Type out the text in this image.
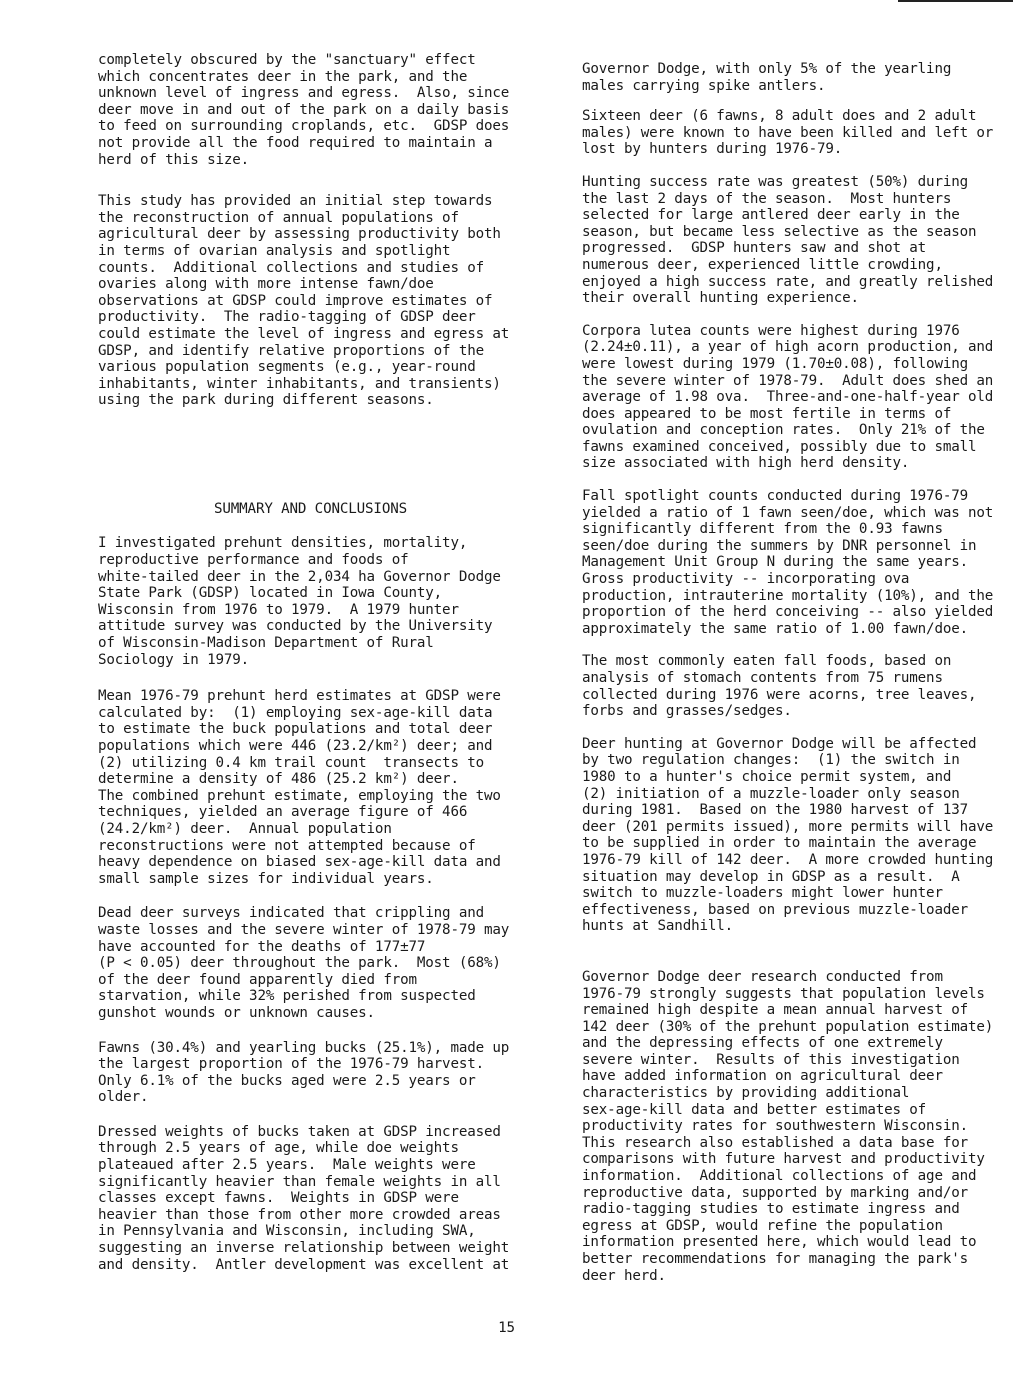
completely obscured by the "sanctuary" effect
which concentrates deer in the park, and the
unknown level of ingress and egress.  Also, since
deer move in and out of the park on a daily basis
to feed on surrounding croplands, etc.  GDSP does
not provide all the food required to maintain a
herd of this size.

This study has provided an initial step towards
the reconstruction of annual populations of
agricultural deer by assessing productivity both
in terms of ovarian analysis and spotlight
counts.  Additional collections and studies of
ovaries along with more intense fawn/doe
observations at GDSP could improve estimates of
productivity.  The radio-tagging of GDSP deer
could estimate the level of ingress and egress at
GDSP, and identify relative proportions of the
various population segments (e.g., year-round
inhabitants, winter inhabitants, and transients)
using the park during different seasons.

SUMMARY AND CONCLUSIONS

I investigated prehunt densities, mortality,
reproductive performance and foods of
white-tailed deer in the 2,034 ha Governor Dodge
State Park (GDSP) located in Iowa County,
Wisconsin from 1976 to 1979.  A 1979 hunter
attitude survey was conducted by the University
of Wisconsin-Madison Department of Rural
Sociology in 1979.

Mean 1976-79 prehunt herd estimates at GDSP were
calculated by:  (1) employing sex-age-kill data
to estimate the buck populations and total deer
populations which were 446 (23.2/km²) deer; and
(2) utilizing 0.4 km trail count  transects to
determine a density of 486 (25.2 km²) deer.
The combined prehunt estimate, employing the two
techniques, yielded an average figure of 466
(24.2/km²) deer.  Annual population
reconstructions were not attempted because of
heavy dependence on biased sex-age-kill data and
small sample sizes for individual years.

Dead deer surveys indicated that crippling and
waste losses and the severe winter of 1978-79 may
have accounted for the deaths of 177±77
(P < 0.05) deer throughout the park.  Most (68%)
of the deer found apparently died from
starvation, while 32% perished from suspected
gunshot wounds or unknown causes.

Fawns (30.4%) and yearling bucks (25.1%), made up
the largest proportion of the 1976-79 harvest.
Only 6.1% of the bucks aged were 2.5 years or
older.

Dressed weights of bucks taken at GDSP increased
through 2.5 years of age, while doe weights
plateaued after 2.5 years.  Male weights were
significantly heavier than female weights in all
classes except fawns.  Weights in GDSP were
heavier than those from other more crowded areas
in Pennsylvania and Wisconsin, including SWA,
suggesting an inverse relationship between weight
and density.  Antler development was excellent at

Governor Dodge, with only 5% of the yearling
males carrying spike antlers.

Sixteen deer (6 fawns, 8 adult does and 2 adult
males) were known to have been killed and left or
lost by hunters during 1976-79.

Hunting success rate was greatest (50%) during
the last 2 days of the season.  Most hunters
selected for large antlered deer early in the
season, but became less selective as the season
progressed.  GDSP hunters saw and shot at
numerous deer, experienced little crowding,
enjoyed a high success rate, and greatly relished
their overall hunting experience.

Corpora lutea counts were highest during 1976
(2.24±0.11), a year of high acorn production, and
were lowest during 1979 (1.70±0.08), following
the severe winter of 1978-79.  Adult does shed an
average of 1.98 ova.  Three-and-one-half-year old
does appeared to be most fertile in terms of
ovulation and conception rates.  Only 21% of the
fawns examined conceived, possibly due to small
size associated with high herd density.

Fall spotlight counts conducted during 1976-79
yielded a ratio of 1 fawn seen/doe, which was not
significantly different from the 0.93 fawns
seen/doe during the summers by DNR personnel in
Management Unit Group N during the same years.
Gross productivity -- incorporating ova
production, intrauterine mortality (10%), and the
proportion of the herd conceiving -- also yielded
approximately the same ratio of 1.00 fawn/doe.

The most commonly eaten fall foods, based on
analysis of stomach contents from 75 rumens
collected during 1976 were acorns, tree leaves,
forbs and grasses/sedges.

Deer hunting at Governor Dodge will be affected
by two regulation changes:  (1) the switch in
1980 to a hunter's choice permit system, and
(2) initiation of a muzzle-loader only season
during 1981.  Based on the 1980 harvest of 137
deer (201 permits issued), more permits will have
to be supplied in order to maintain the average
1976-79 kill of 142 deer.  A more crowded hunting
situation may develop in GDSP as a result.  A
switch to muzzle-loaders might lower hunter
effectiveness, based on previous muzzle-loader
hunts at Sandhill.

Governor Dodge deer research conducted from
1976-79 strongly suggests that population levels
remained high despite a mean annual harvest of
142 deer (30% of the prehunt population estimate)
and the depressing effects of one extremely
severe winter.  Results of this investigation
have added information on agricultural deer
characteristics by providing additional
sex-age-kill data and better estimates of
productivity rates for southwestern Wisconsin.
This research also established a data base for
comparisons with future harvest and productivity
information.  Additional collections of age and
reproductive data, supported by marking and/or
radio-tagging studies to estimate ingress and
egress at GDSP, would refine the population
information presented here, which would lead to
better recommendations for managing the park's
deer herd.

15
